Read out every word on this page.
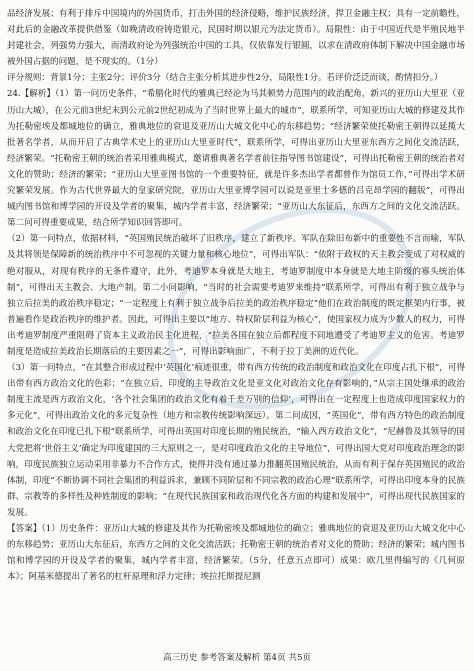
网

品经济发展；有利于排斥中国境内的外国货币，打击外国的经济侵略，维护民族经济，捍卫金融主权；具有一定前瞻性，对此后的金融改革提供借鉴（如晚清政府铸造银元，民国时期以银元为法定货币）。局限性：由于中国近代是半殖民地半封建社会，列强势力强大，而清政府论为列强统治中国的工具，仅依靠发行银圆，以求在清政府体制下解决中国金融市场被外国占据的问题，是不现实的。（1分）

评分规则：背景1分；主张2分；评价3分（结合主张分析其进步性2分，局限性1分。若评价泛泛而谈，酌情扣分。）

24.【解析】（1）第一问历史条件，“希腊化时代的雅典已经沦为马其顿势力范围内的政治配角，新兴的亚历山大里亚（亚历山大城），在公元前3世纪末到公元前2世纪初成为了当时世界上最大的城市”，联系所学，可知亚历山大城的修建及其作为托勒密埃及都城地位的确立，雅典地位的衰退及亚历山大城文化中心的东移趋势；“经济繁荣使托勒密王朝得以延揽大批著名学者，从而开启了古典学术史上的亚历山大里亚时代”，联系所学，可得出亚历山大里亚东西方之间化交流活跃，经济繁荣。“托勒密王朝的统治者采用雅典模式，邀请雅典著名学者前往指导图书馆建设”，可得出托勒密王朝的统治者对文化的赞助；经济的繁荣；“亚历山大里亚图书馆的一个重要特征，就是许多杰出学者都曾作为馆员工作，”可得出学术研究繁荣发展。作为古代世界最大的皇家研究院，亚历山大里亚博学园可以说是亚里士多德的吕克昂学园的翻版”，可得出城内图书馆和博学园的开设及学者的聚集，城内学者丰富，经济繁荣；“亚历山大东征后，东西方之间的文化交流活跃。第二问可得重要成果，结合所学知识回答即可。

（2）第一问特点，依据材料，“英国殖民统治破坏了旧秩序，建立了新秩序。军队在除旧布新中的重要性不言而喻，军队及其将领是保障新的统治秩序中不可忽视的关键力量和核心地位”，可得出军队：“依附于政权的天主教会变成了对权威的绝对服从，对现有秩序的无条件遵守，此外，考迪罗本身就是大地主，考迪罗制度中本身就是大地主阶级的寡头统治体制”，可得出天主教会、大地产制。第二小问影响，“当时的社会需要考迪罗来维持”联系所学，可得出有利于独立战争与独立后拉美的政治秩序稳定；“一定程度上有利于独立战争后拉美的政治秩序稳定”他们在政治制度的既定框架内行事，被普遍看作是政治秩序的维护者。因此，可得出主要以“地方、特权阶层利益为核心”，使国家权力成为少数人的权力，可得出考迪罗制度严重阻碍了资本主义政治民主化进程，“拉美各国在独立后都程度不同地遭受了考迪罗主义的危害。考迪罗制度是造成拉美政治长期落后的主要因素之一”，可得出影响面广，不利于拉丁美洲的近代化。

（3）第一问特点，“在其整合形成过程中‘英国化’痕迹很重，带有西方传统的政治制度和政治文化在印度占扎下根”，可得出带有西方政治文化的色彩；“在独立后，印度的主导政治文化是亚文化对政治文化存有影响的，”从宗主国处继承的政治制度主流是西方政治文化，‘各个社会集团的政治文化有着千差万别的信仰’，可得出在一定程度上也造成印度国家权力的多元化”，可得出政治文化的多元复杂性（地方和宗教传统影响深远）。第二问成因，“英国化”，带有西方特色的政治制度和政治文化在印度已扎下根”联系所学，可得出英国对印度长期的殖民统治，“输入西方政治文化”，“尼赫鲁及其领导的国大党把将‘世俗主义’确定为印度建国的三大原则之一，是对印度政治文化的主导地位”，可得出国大党对印度政治理念的影响，印度民族独立运动采用非暴力不合作方式，使得并没有通过暴力推翻英国殖民统治，从而有利于保存英国殖民的政治体制，印度“不断协调不同社会集团的利益诉求，兼顾不同阶层和不同宗教的政治心理”联系所学，可得出印度本身的民族群、宗教等的多样性及种姓制度的影响；“在现代民族国家和政治现代化各方面的构建和发展中”，可得出现代民族国家的发展。

【答案】（1）历史条件：亚历山大城的修建及其作为托勒密埃及都城地位的确立；雅典地位的衰退及亚历山大城文化中心的东移趋势；亚历山大东征后，东西方之间的文化交流活跃；托勒密王朝的统治者对文化的赞助；经济的繁荣；城内图书馆和博学园的开设及学者的聚集，城内学者丰富，经济繁荣。（5分，任意五点即可）成果：欧几里得编写的《几何原本》；阿基米德提出了著名的杠杆原理和浮力定律；埃拉托斯提尼测

高三历史 参考答案及解析 第4页 共5页
